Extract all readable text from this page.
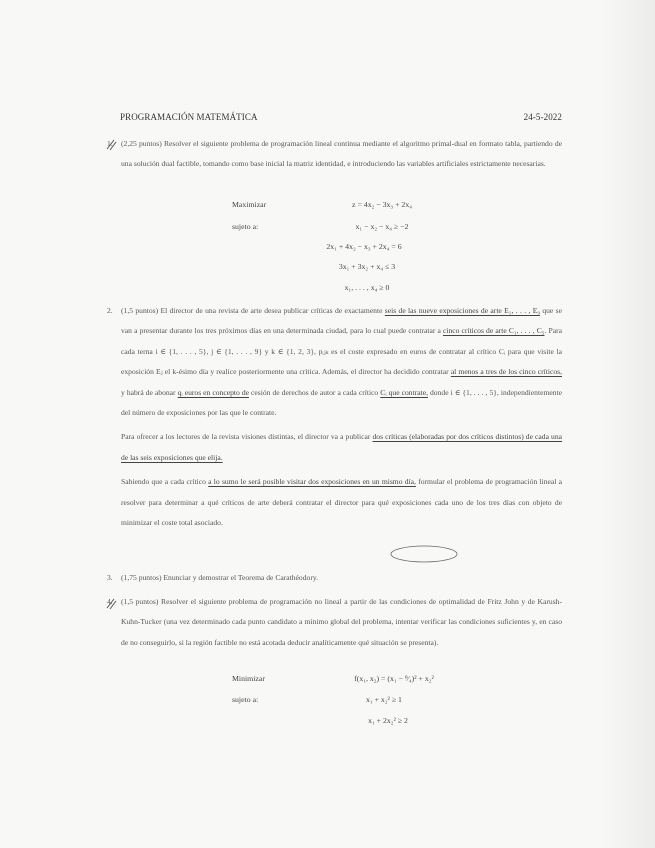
PROGRAMACIÓN MATEMÁTICA	24-5-2022
1. (2,25 puntos) Resolver el siguiente problema de programación lineal continua mediante el algoritmo primal-dual en formato tabla, partiendo de una solución dual factible, tomando como base inicial la matriz identidad, e introduciendo las variables artificiales estrictamente necesarias.

Maximizar
sujeto a:
z = 4x₂ − 3x₃ + 2x₄
x₁ − x₂ − x₄ ≥ −2
2x₁ + 4x₂ − x₃ + 2x₄ = 6
3x₁ + 3x₂ + x₄ ≤ 3
x₁, . . . , x₄ ≥ 0
2. (1,5 puntos) El director de una revista de arte desea publicar críticas de exactamente seis de las nueve exposiciones de arte E₁, . . . , E₉ que se van a presentar durante los tres próximos días en una determinada ciudad, para lo cual puede contratar a cinco críticos de arte C₁, . . . , C₅. Para cada terna i ∈ {1, . . . , 5}, j ∈ {1, . . . , 9} y k ∈ {1, 2, 3}, pᵢⱼₖ es el coste expresado en euros de contratar al crítico Cᵢ para que visite la exposición Eⱼ el k-ésimo día y realice posteriormente una crítica. Además, el director ha decidido contratar al menos a tres de los cinco críticos, y habrá de abonar qᵢ euros en concepto de cesión de derechos de autor a cada crítico Cᵢ que contrate, donde i ∈ {1, . . . , 5}, independientemente del número de exposiciones por las que le contrate.

Para ofrecer a los lectores de la revista visiones distintas, el director va a publicar dos críticas (elaboradas por dos críticos distintos) de cada una de las seis exposiciones que elija.

Sabiendo que a cada crítico a lo sumo le será posible visitar dos exposiciones en un mismo día, formular el problema de programación lineal a resolver para determinar a qué críticos de arte deberá contratar el director para qué exposiciones cada uno de los tres días con objeto de minimizar el coste total asociado.

3. (1,75 puntos) Enunciar y demostrar el Teorema de Carathéodory.

4. (1,5 puntos) Resolver el siguiente problema de programación no lineal a partir de las condiciones de optimalidad de Fritz John y de Karush-Kuhn-Tucker (una vez determinado cada punto candidato a mínimo global del problema, intentar verificar las condiciones suficientes y, en caso de no conseguirlo, si la región factible no está acotada deducir analíticamente qué situación se presenta).

Minimizar
sujeto a:
f(x₁, x₂) = (x₁ − ⁹⁄₄)² + x₂²
x₁ + x₂² ≥ 1
x₁ + 2x₂² ≥ 2
